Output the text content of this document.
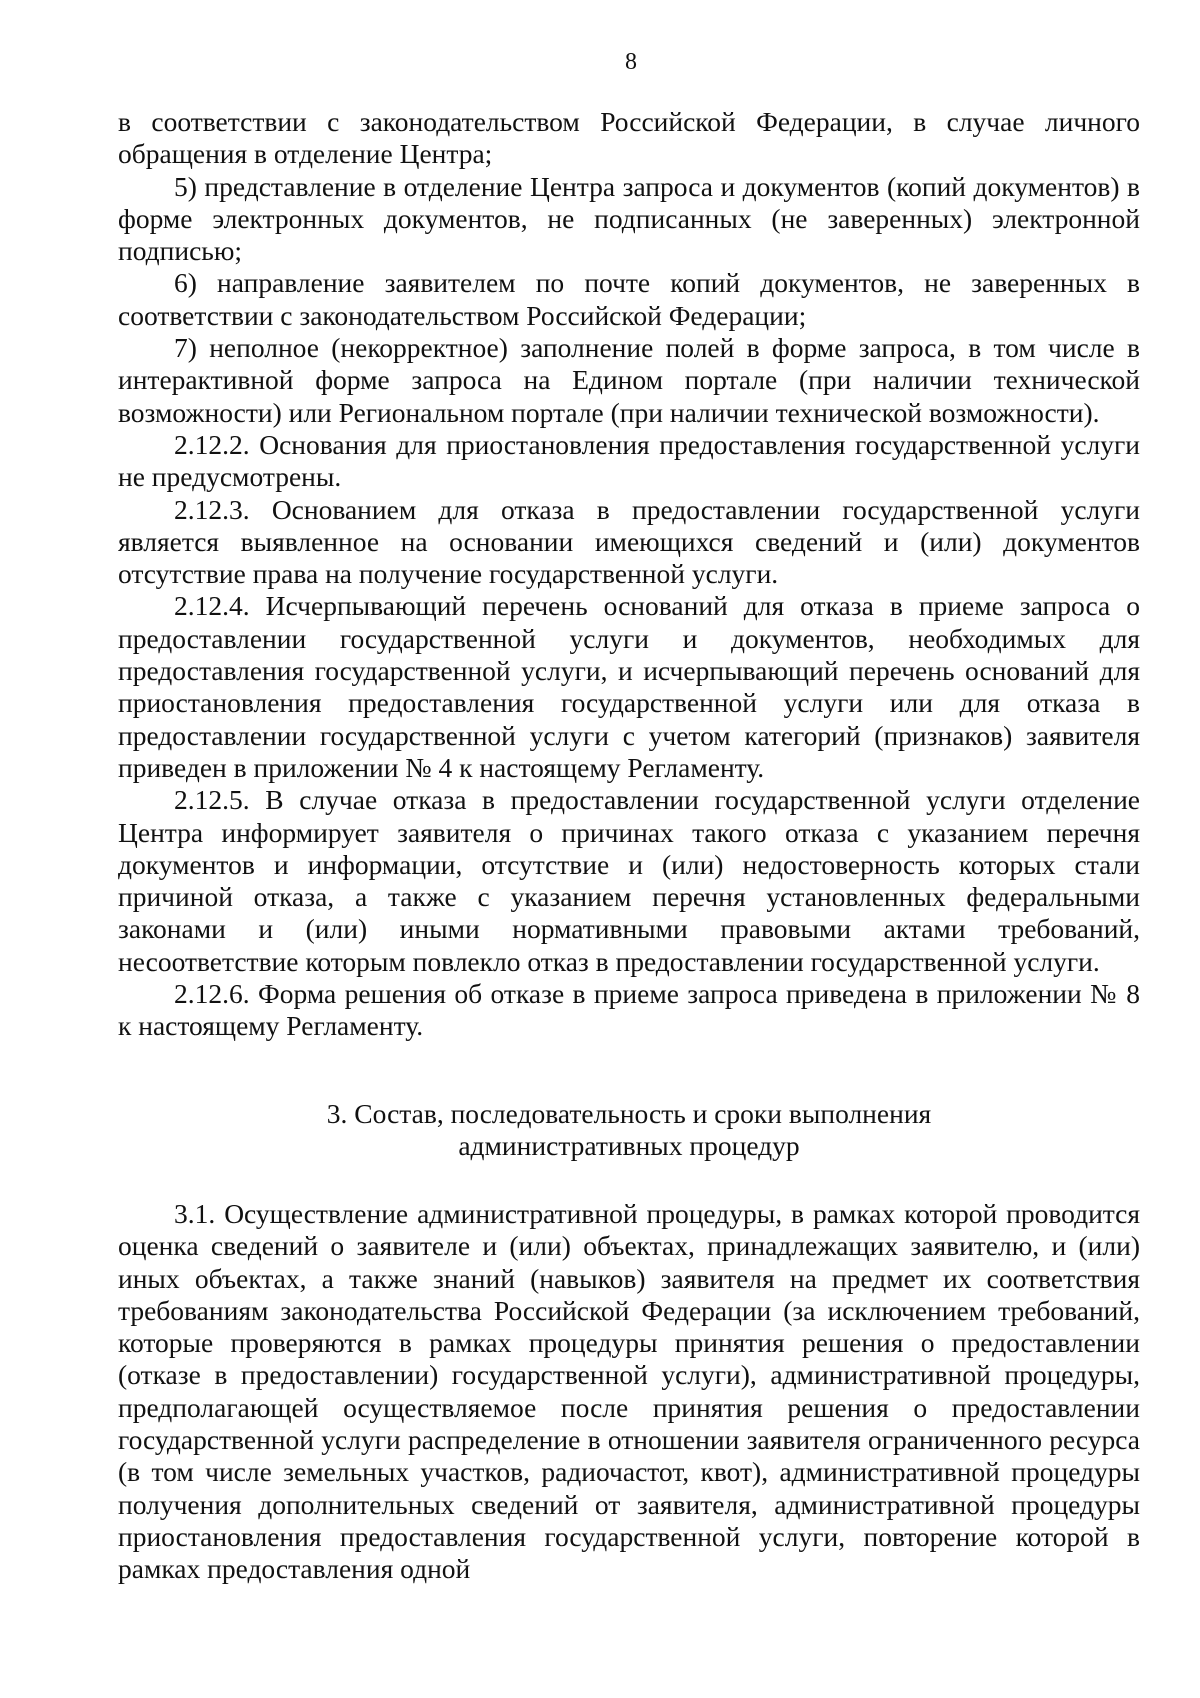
8

в соответствии с законодательством Российской Федерации, в случае личного обращения в отделение Центра;

5) представление в отделение Центра запроса и документов (копий документов) в форме электронных документов, не подписанных (не заверенных) электронной подписью;

6) направление заявителем по почте копий документов, не заверенных в соответствии с законодательством Российской Федерации;

7) неполное (некорректное) заполнение полей в форме запроса, в том числе в интерактивной форме запроса на Едином портале (при наличии технической возможности) или Региональном портале (при наличии технической возможности).

2.12.2. Основания для приостановления предоставления государственной услуги не предусмотрены.

2.12.3. Основанием для отказа в предоставлении государственной услуги является выявленное на основании имеющихся сведений и (или) документов отсутствие права на получение государственной услуги.

2.12.4. Исчерпывающий перечень оснований для отказа в приеме запроса о предоставлении государственной услуги и документов, необходимых для предоставления государственной услуги, и исчерпывающий перечень оснований для приостановления предоставления государственной услуги или для отказа в предоставлении государственной услуги с учетом категорий (признаков) заявителя приведен в приложении № 4 к настоящему Регламенту.

2.12.5. В случае отказа в предоставлении государственной услуги отделение Центра информирует заявителя о причинах такого отказа с указанием перечня документов и информации, отсутствие и (или) недостоверность которых стали причиной отказа, а также с указанием перечня установленных федеральными законами и (или) иными нормативными правовыми актами требований, несоответствие которым повлекло отказ в предоставлении государственной услуги.

2.12.6. Форма решения об отказе в приеме запроса приведена в приложении № 8 к настоящему Регламенту.

3. Состав, последовательность и сроки выполнения
административных процедур

3.1. Осуществление административной процедуры, в рамках которой проводится оценка сведений о заявителе и (или) объектах, принадлежащих заявителю, и (или) иных объектах, а также знаний (навыков) заявителя на предмет их соответствия требованиям законодательства Российской Федерации (за исключением требований, которые проверяются в рамках процедуры принятия решения о предоставлении (отказе в предоставлении) государственной услуги), административной процедуры, предполагающей осуществляемое после принятия решения о предоставлении государственной услуги распределение в отношении заявителя ограниченного ресурса (в том числе земельных участков, радиочастот, квот), административной процедуры получения дополнительных сведений от заявителя, административной процедуры приостановления предоставления государственной услуги, повторение которой в рамках предоставления одной
